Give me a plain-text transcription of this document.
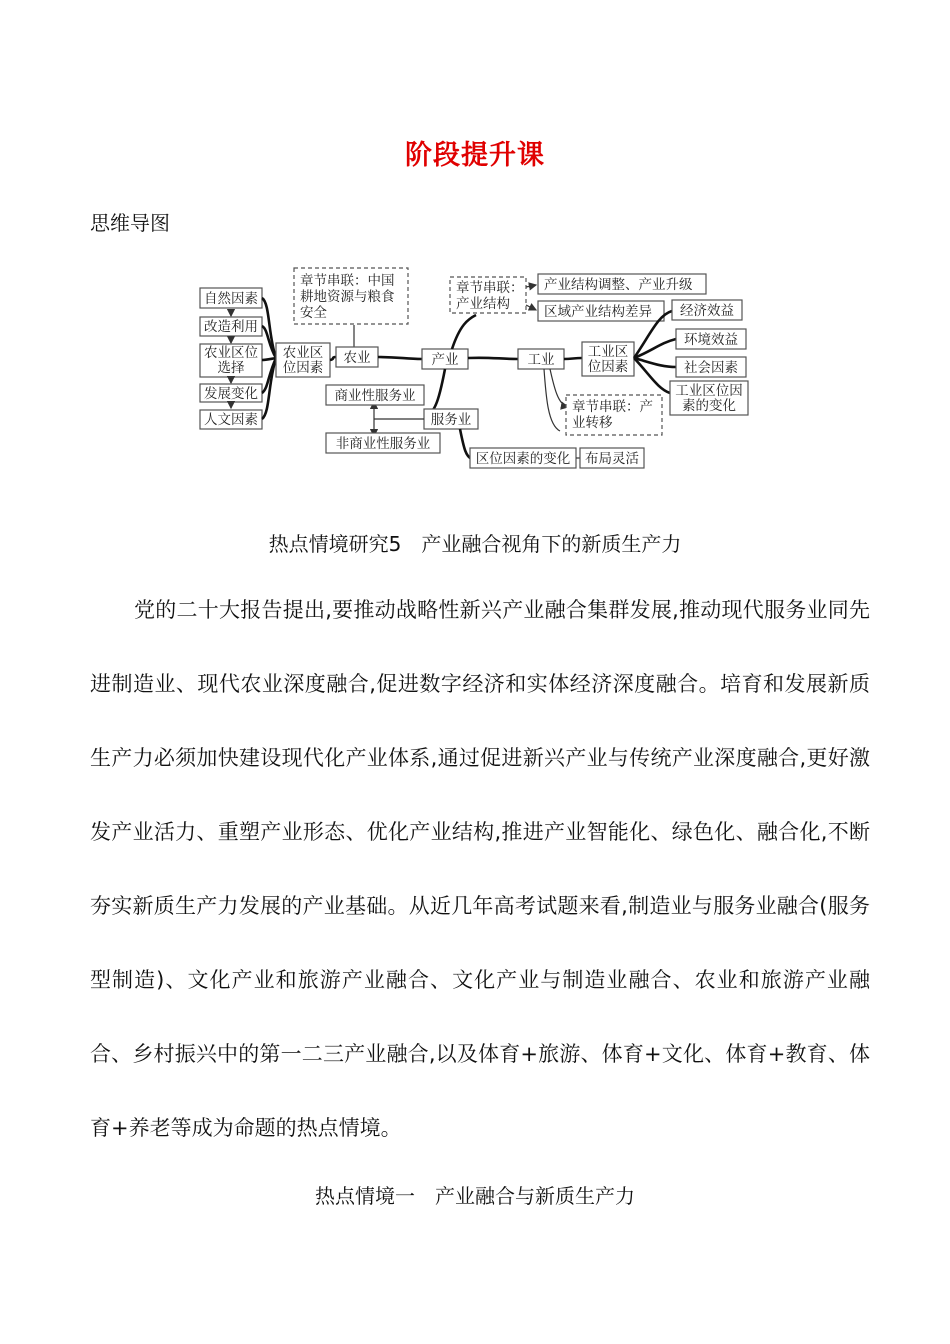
阶段提升课
思维导图
自然因素
改造利用
农业区位
选择
发展变化
人文因素
农业区
位因素
章节串联：中国
耕地资源与粮食
安全
农业	产业
章节串联：
产业结构
产业结构调整、产业升级
区域产业结构差异
工业 工业区
位因素
经济效益
环境效益
社会因素
工业区位因
素的变化
章节串联：产
业转移
服务业
商业性服务业
非商业性服务业
区位因素的变化 布局灵活
热点情境研究5　产业融合视角下的新质生产力

党的二十大报告提出,要推动战略性新兴产业融合集群发展,推动现代服务业同先进制造业、现代农业深度融合,促进数字经济和实体经济深度融合。培育和发展新质生产力必须加快建设现代化产业体系,通过促进新兴产业与传统产业深度融合,更好激发产业活力、重塑产业形态、优化产业结构,推进产业智能化、绿色化、融合化,不断夯实新质生产力发展的产业基础。从近几年高考试题来看,制造业与服务业融合(服务型制造)、文化产业和旅游产业融合、文化产业与制造业融合、农业和旅游产业融合、乡村振兴中的第一二三产业融合,以及体育+旅游、体育+文化、体育+教育、体育+养老等成为命题的热点情境。

热点情境一　产业融合与新质生产力
